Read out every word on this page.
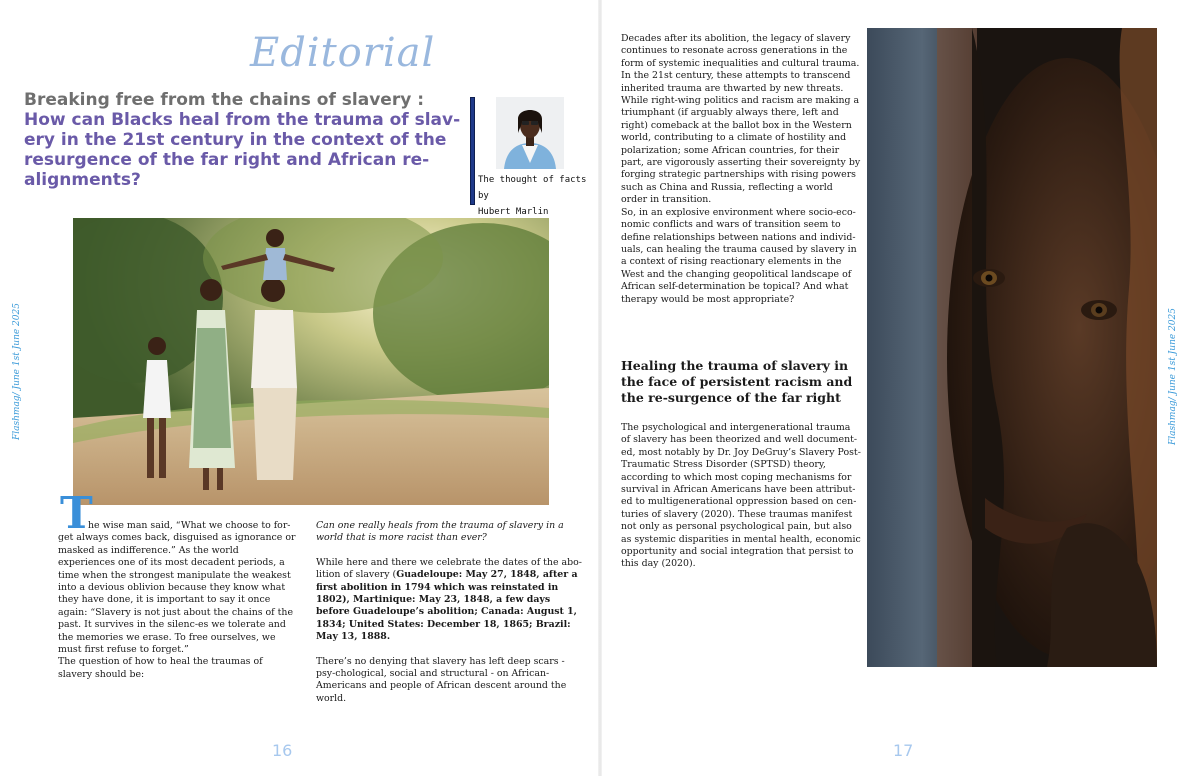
Flashmag/ June 1st June 2025	Flashmag/ June 1st June 2025
Editorial
Breaking free from the chains of slavery :
How can Blacks heal from the trauma of slav-ery in the 21st century in the context of the resurgence of the far right and African re-alignments?	The thought of facts by
Hubert Marlin
T

he wise man said, “What we choose to for-get always comes back, disguised as ignorance or masked as indifference.” As the world experiences one of its most decadent periods, a time when the strongest manipulate the weakest into a devious oblivion because they know what they have done, it is important to say it once again: “Slavery is not just about the chains of the past. It survives in the silenc-es we tolerate and the memories we erase. To free ourselves, we must first refuse to forget.”

The question of how to heal the traumas of slavery should be:

Can one really heals from the trauma of slavery in a world that is more racist than ever?

While here and there we celebrate the dates of the abo-lition of slavery (Guadeloupe: May 27, 1848, after a first abolition in 1794 which was reinstated in 1802), Martinique: May 23, 1848, a few days before Guadeloupe’s abolition; Canada: August 1, 1834; United States: December 18, 1865; Brazil: May 13, 1888.

There’s no denying that slavery has left deep scars - psy-chological, social and structural - on African-Americans and people of African descent around the world.

16

Decades after its abolition, the legacy of slavery continues to resonate across generations in the form of systemic inequalities and cultural trauma. In the 21st century, these attempts to transcend inherited trauma are thwarted by new threats.

While right-wing politics and racism are making a triumphant (if arguably always there, left and right) comeback at the ballot box in the Western world, contributing to a climate of hostility and polarization; some African countries, for their part, are vigorously asserting their sovereignty by forging strategic partnerships with rising powers such as China and Russia, reflecting a world order in transition.

So, in an explosive environment where socio-eco-nomic conflicts and wars of transition seem to define relationships between nations and individ-uals, can healing the trauma caused by slavery in a context of rising reactionary elements in the West and the changing geopolitical landscape of African self-determination be topical? And what therapy would be most appropriate?

Healing the trauma of slavery in the face of persistent racism and the re-surgence of the far right

The psychological and intergenerational trauma of slavery has been theorized and well document-ed, most notably by Dr. Joy DeGruy’s Slavery Post-Traumatic Stress Disorder (SPTSD) theory, according to which most coping mechanisms for survival in African Americans have been attribut-ed to multigenerational oppression based on cen-turies of slavery (2020). These traumas manifest not only as personal psychological pain, but also as systemic disparities in mental health, economic opportunity and social integration that persist to this day (2020).

17
